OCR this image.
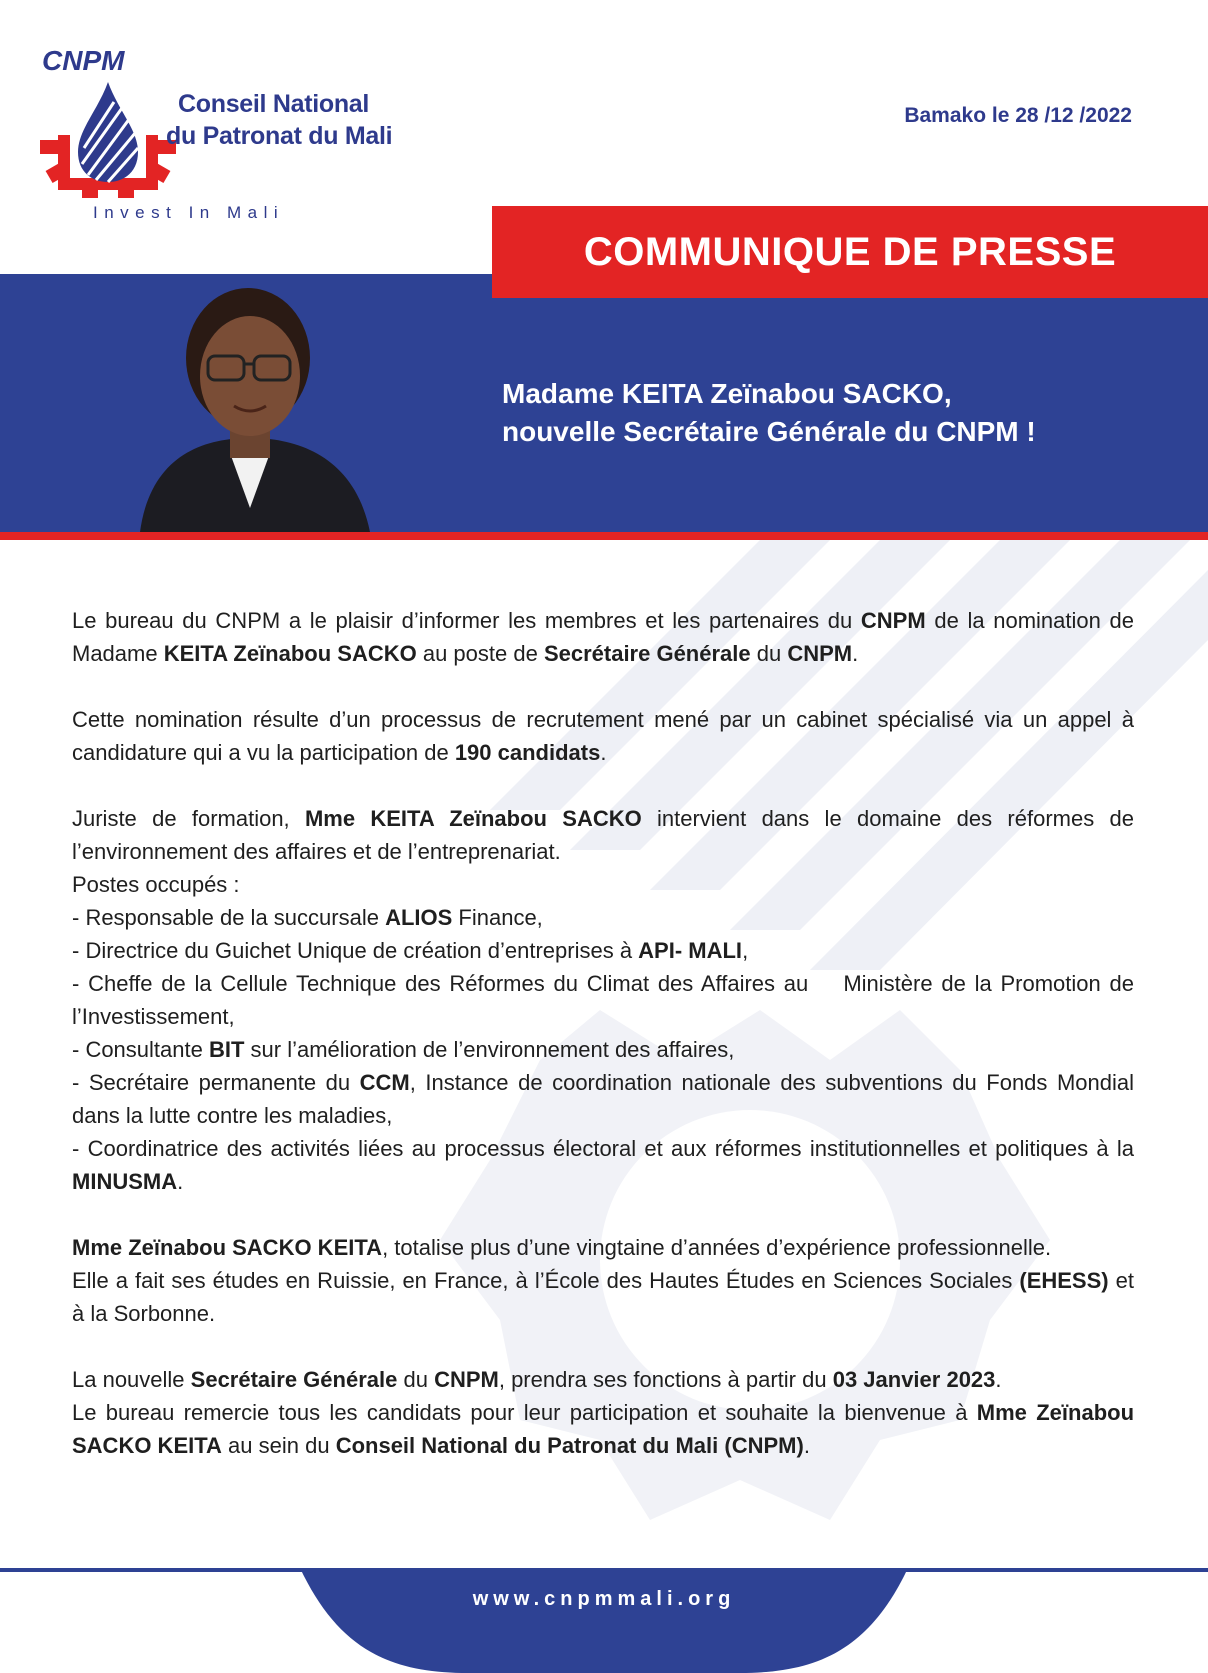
CNPM
Conseil National
du Patronat du Mali
Invest In Mali
Bamako le 28 /12 /2022
COMMUNIQUE DE PRESSE
Madame KEITA Zeïnabou SACKO,
nouvelle Secrétaire Générale du CNPM !

Le bureau du CNPM a le plaisir d’informer les membres et les partenaires du CNPM de la nomination de Madame KEITA Zeïnabou SACKO au poste de Secrétaire Générale du CNPM.

Cette nomination résulte d’un processus de recrutement mené par un cabinet spécialisé via un appel à candidature qui a vu la participation de 190 candidats.

Juriste de formation, Mme KEITA Zeïnabou SACKO intervient dans le domaine des réformes de l’environnement des affaires et de l’entreprenariat.

Postes occupés :

- Responsable de la succursale ALIOS Finance,

- Directrice du Guichet Unique de création d’entreprises à API- MALI,

- Cheffe de la Cellule Technique des Réformes du Climat des Affaires au    Ministère de la Promotion de l’Investissement,

- Consultante BIT sur l’amélioration de l’environnement des affaires,

- Secrétaire permanente du CCM, Instance de coordination nationale des subventions du Fonds Mondial dans la lutte contre les maladies,

- Coordinatrice des activités liées au processus électoral et aux réformes institutionnelles et politiques à la MINUSMA.

Mme Zeïnabou SACKO KEITA, totalise plus d’une vingtaine d’années d’expérience professionnelle.

Elle a fait ses études en Ruissie, en France, à l’École des Hautes Études en Sciences Sociales (EHESS) et à la Sorbonne.

La nouvelle Secrétaire Générale du CNPM, prendra ses fonctions à partir du 03 Janvier 2023.

Le bureau remercie tous les candidats pour leur participation et souhaite la bienvenue à Mme Zeïnabou SACKO KEITA au sein du Conseil National du Patronat du Mali (CNPM).

www.cnpmmali.org
